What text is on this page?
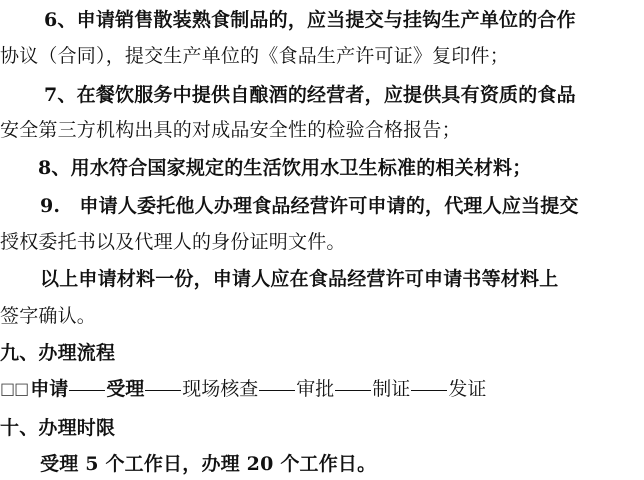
6、申请销售散装熟食制品的，应当提交与挂钩生产单位的合作
协议（合同），提交生产单位的《食品生产许可证》复印件；
7、在餐饮服务中提供自酿酒的经营者，应提供具有资质的食品
安全第三方机构出具的对成品安全性的检验合格报告；
8、用水符合国家规定的生活饮用水卫生标准的相关材料；
9.　申请人委托他人办理食品经营许可申请的，代理人应当提交
授权委托书以及代理人的身份证明文件。
以上申请材料一份，申请人应在食品经营许可申请书等材料上
签字确认。
九、办理流程
□□ 申请 受理 现场核查 审批 制证 发证
十、办理时限
受理 5 个工作日，办理 20 个工作日。
